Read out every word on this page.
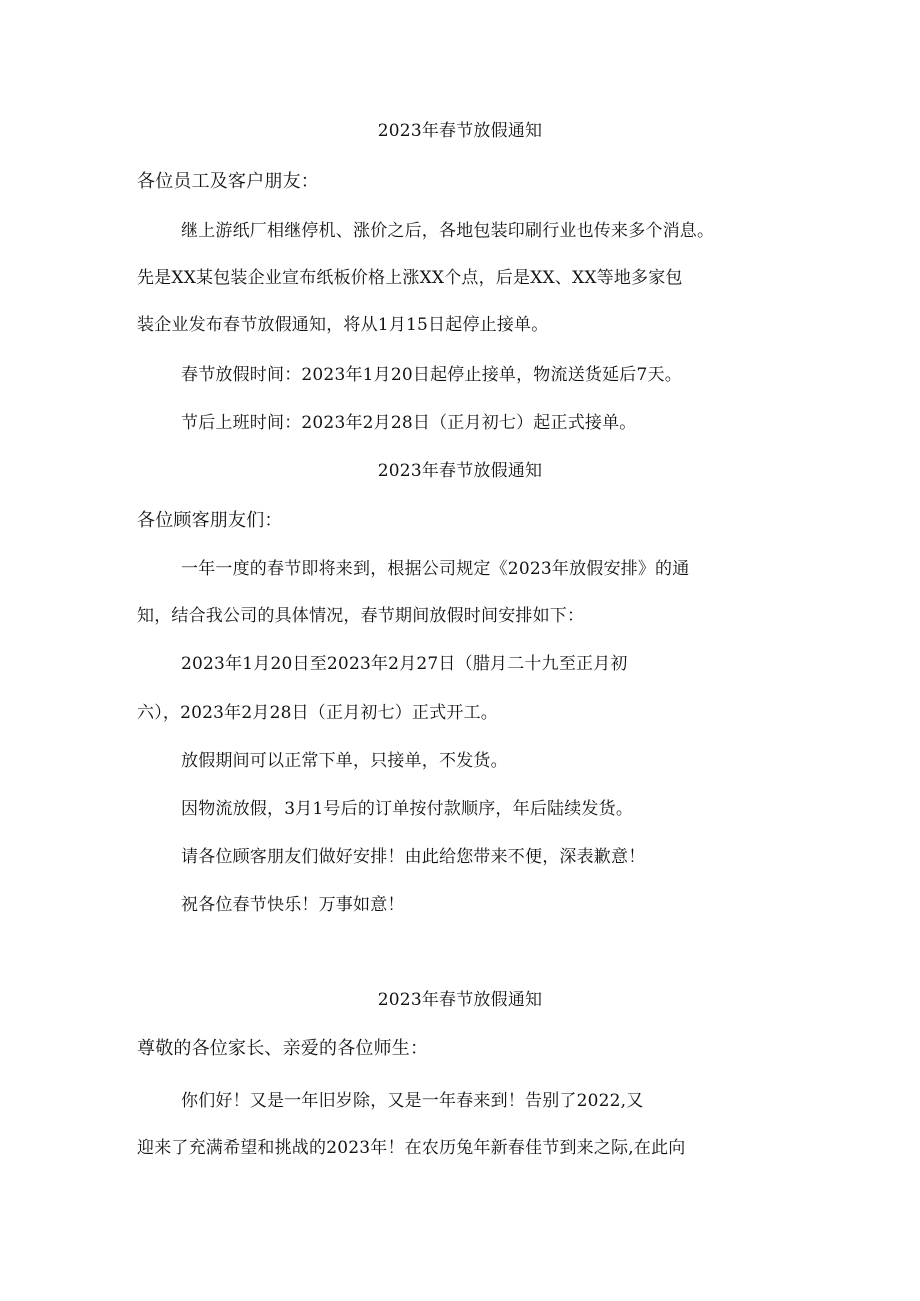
2023年春节放假通知
各位员工及客户朋友：
继上游纸厂相继停机、涨价之后，各地包装印刷行业也传来多个消息。
先是XX某包装企业宣布纸板价格上涨XX个点，后是XX、XX等地多家包
装企业发布春节放假通知，将从1月15日起停止接单。
春节放假时间：2023年1月20日起停止接单，物流送货延后7天。
节后上班时间：2023年2月28日（正月初七）起正式接单。
2023年春节放假通知
各位顾客朋友们：
一年一度的春节即将来到，根据公司规定《2023年放假安排》的通
知，结合我公司的具体情况，春节期间放假时间安排如下：
2023年1月20日至2023年2月27日（腊月二十九至正月初
六），2023年2月28日（正月初七）正式开工。
放假期间可以正常下单，只接单，不发货。
因物流放假，3月1号后的订单按付款顺序，年后陆续发货。
请各位顾客朋友们做好安排！由此给您带来不便，深表歉意！
祝各位春节快乐！万事如意！
2023年春节放假通知
尊敬的各位家长、亲爱的各位师生：
你们好！又是一年旧岁除，又是一年春来到！告别了2022,又
迎来了充满希望和挑战的2023年！在农历兔年新春佳节到来之际,在此向
